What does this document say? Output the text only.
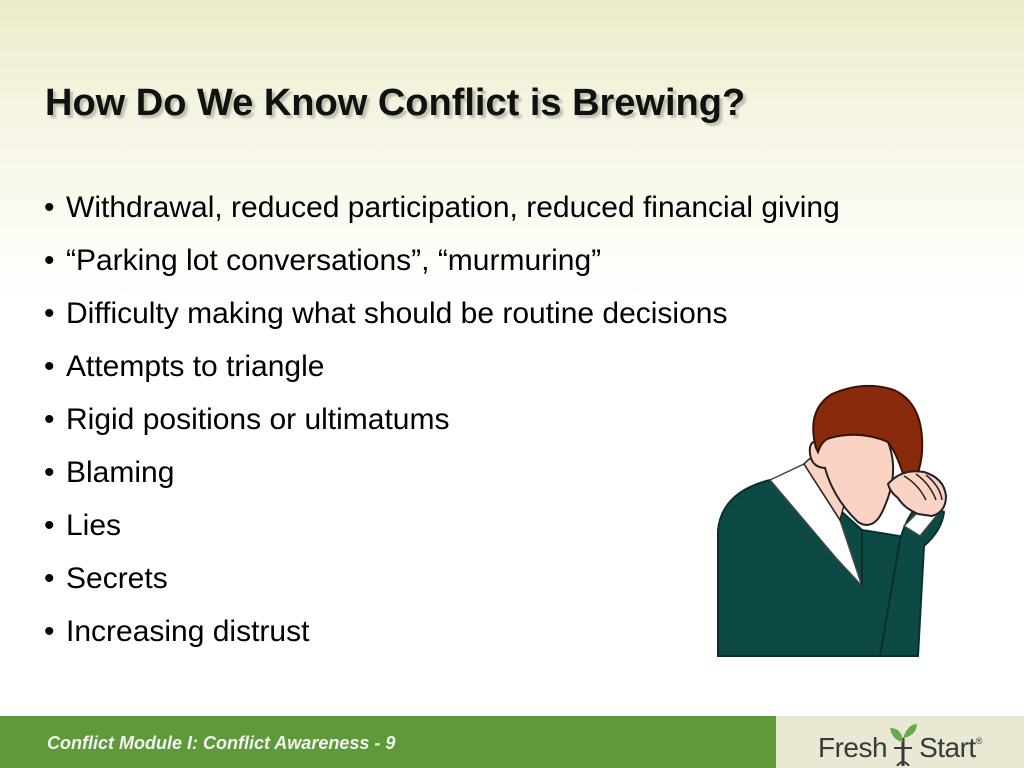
How Do We Know Conflict is Brewing?
• Withdrawal, reduced participation, reduced financial giving
• “Parking lot conversations”, “murmuring”
• Difficulty making what should be routine decisions
• Attempts to triangle
• Rigid positions or ultimatums
• Blaming
• Lies
• Secrets
• Increasing distrust
Conflict Module I: Conflict Awareness - 9	Fresh Start ®
